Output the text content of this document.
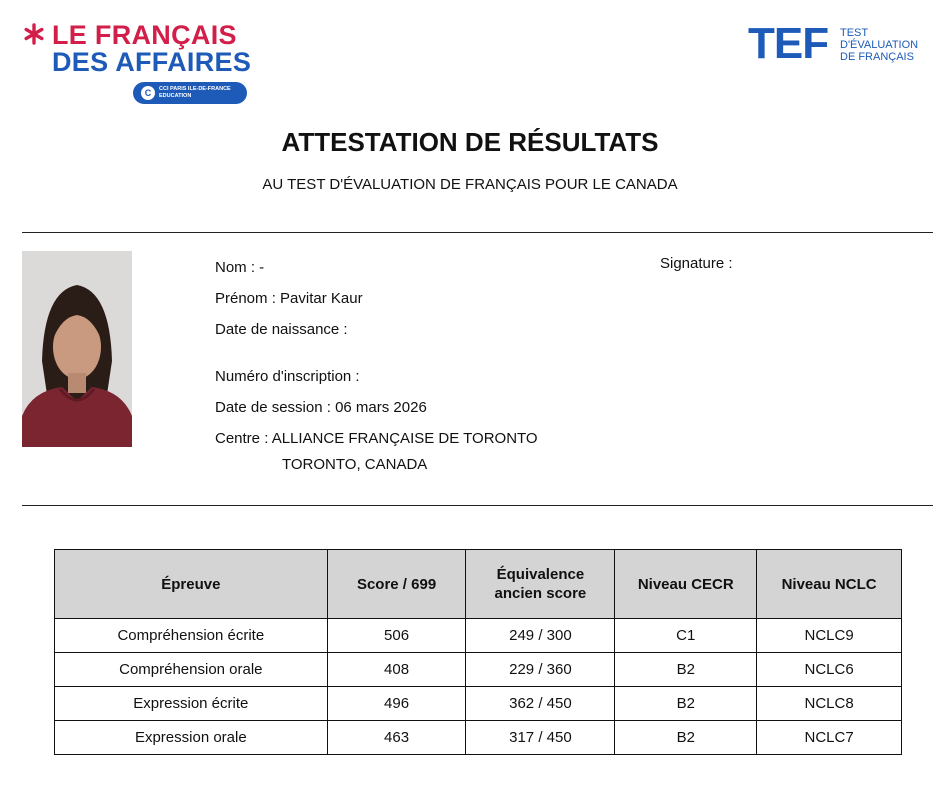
LE FRANÇAIS
DES AFFAIRES
C	CCI PARIS ILE-DE-FRANCE
EDUCATION
TEF TEST
D'ÉVALUATION
DE FRANÇAIS
ATTESTATION DE RÉSULTATS
AU TEST D'ÉVALUATION DE FRANÇAIS POUR LE CANADA
Nom : -
Prénom : Pavitar Kaur
Date de naissance :
Numéro d'inscription :
Date de session : 06 mars 2026
Centre : ALLIANCE FRANÇAISE DE TORONTO
TORONTO, CANADA
Signature :
Épreuve	Score / 699	Équivalence ancien score	Niveau CECR	Niveau NCLC
Compréhension écrite	506	249 / 300	C1	NCLC9
Compréhension orale	408	229 / 360	B2	NCLC6
Expression écrite	496	362 / 450	B2	NCLC8
Expression orale	463	317 / 450	B2	NCLC7
